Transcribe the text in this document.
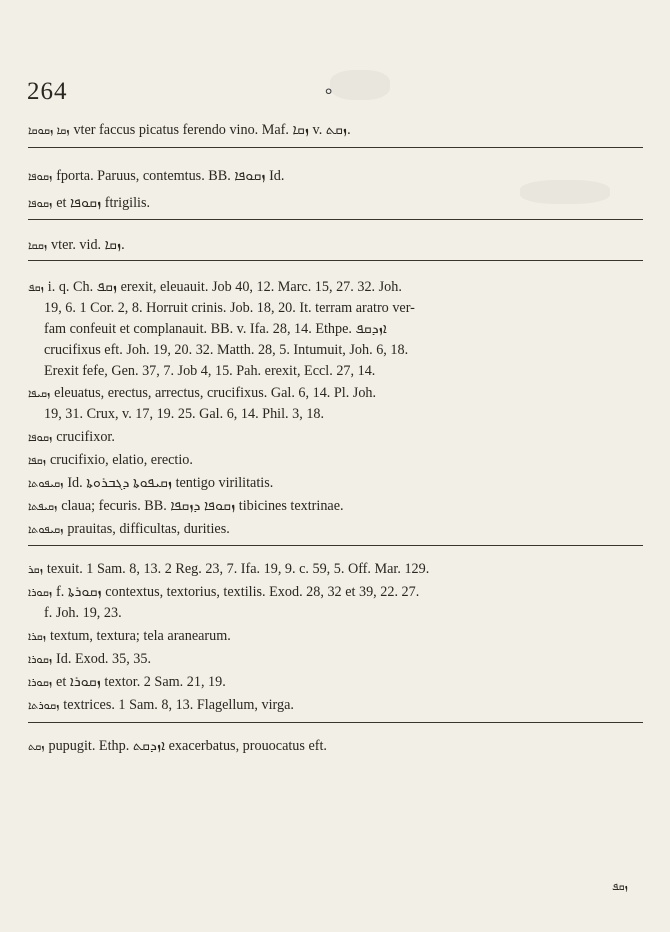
264	ܘ
ܙܩܐ ܙܩܘܩܐ vter faccus picatus ferendo vino. Maf. ܙܩܐ v. ܙܩܬ.
ܙܩܘܦܐ fporta. Paruus, contemtus. BB. ܙܩܘܦܐ Id.
ܙܩܘܦܐ et ܙܩܘܦܐ ftrigilis.
ܙܩܩܐ vter. vid. ܙܩܐ.
ܙܩܦ i. q. Ch. ܙܩܦ erexit, eleuauit. Job 40, 12. Marc. 15, 27. 32. Joh.
19, 6. 1 Cor. 2, 8. Horruit crinis. Job. 18, 20. It. terram aratro ver-
fam confeuit et complanauit. BB. v. Ifa. 28, 14. Ethpe. ܐܙܕܩܦ
crucifixus eft. Joh. 19, 20. 32. Matth. 28, 5. Intumuit, Joh. 6, 18.
Erexit fefe, Gen. 37, 7. Job 4, 15. Pah. erexit, Eccl. 27, 14.
ܙܩܝܦܐ eleuatus, erectus, arrectus, crucifixus. Gal. 6, 14. Pl. Joh.
19, 31. Crux, v. 17, 19. 25. Gal. 6, 14. Phil. 3, 18.
ܙܩܘܦܐ crucifixor.
ܙܩܦܐ crucifixio, elatio, erectio.
ܙܩܝܦܘܬܐ Id. ܙܩܝܦܘܬܐ ܕܓܒܪܘܬܐ tentigo virilitatis.
ܙܩܝܦܬܐ claua; fecuris. BB. ܙܩܘܦܐ ܕܙܩܦܐ tibicines textrinae.
ܙܩܝܦܘܬܐ prauitas, difficultas, durities.
ܙܩܪ texuit. 1 Sam. 8, 13. 2 Reg. 23, 7. Ifa. 19, 9. c. 59, 5. Off. Mar. 129.
ܙܩܘܪܐ f. ܙܩܘܪܬܐ contextus, textorius, textilis. Exod. 28, 32 et 39, 22. 27.
f. Joh. 19, 23.
ܙܩܪܐ textum, textura; tela aranearum.
ܙܩܘܪܐ Id. Exod. 35, 35.
ܙܩܘܪܐ et ܙܩܘܪܐ textor. 2 Sam. 21, 19.
ܙܩܘܪܬܐ textrices. 1 Sam. 8, 13. Flagellum, virga.
ܙܩܬ pupugit. Ethp. ܐܙܕܩܬ exacerbatus, prouocatus eft.
ܙܩܦ
